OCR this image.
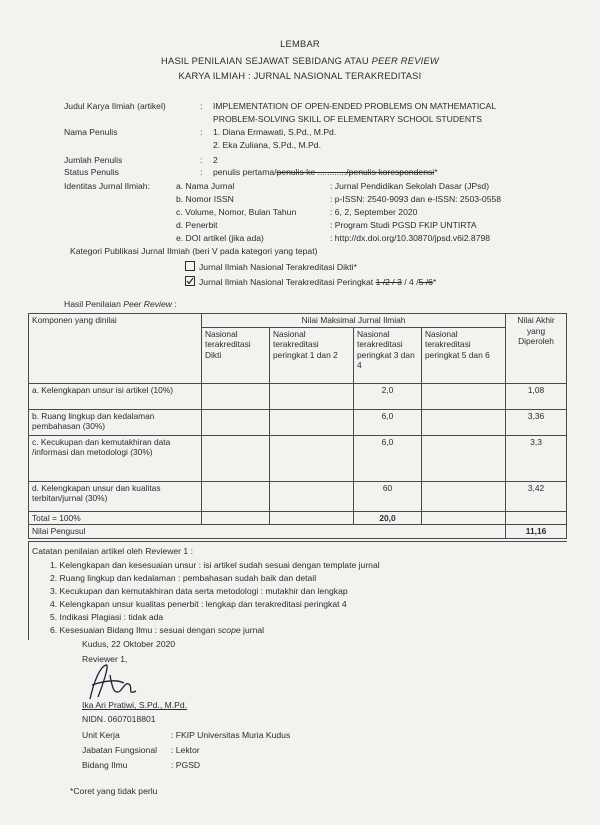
LEMBAR
HASIL PENILAIAN SEJAWAT SEBIDANG ATAU PEER REVIEW
KARYA ILMIAH : JURNAL NASIONAL TERAKREDITASI
Judul Karya Ilmiah (artikel)	: IMPLEMENTATION OF OPEN-ENDED PROBLEMS ON MATHEMATICAL
PROBLEM-SOLVING SKILL OF ELEMENTARY SCHOOL STUDENTS
Nama Penulis	: 1. Diana Ermawati, S.Pd., M.Pd.
2. Eka Zuliana, S.Pd., M.Pd.
Jumlah Penulis	: 2
Status Penulis	: penulis pertama/penulis ke ............/penulis korespondensi*
Identitas Jurnal Ilmiah:	a. Nama Jurnal	: Jurnal Pendidikan Sekolah Dasar (JPsd)
b. Nomor ISSN	: p-ISSN: 2540-9093 dan e-ISSN: 2503-0558
c. Volume, Nomor, Bulan Tahun	: 6, 2, September 2020
d. Penerbit	: Program Studi PGSD FKIP UNTIRTA
e. DOI artikel (jika ada)	: http://dx.doi.org/10.30870/jpsd.v6i2.8798
Kategori Publikasi Jurnal Ilmiah (beri V pada kategori yang tepat)
Jurnal Ilmiah Nasional Terakreditasi Dikti*
Jurnal Ilmiah Nasional Terakreditasi Peringkat 1 /2 / 3 / 4 /5 /6*
Hasil Penilaian Peer Review :
Komponen yang dinilai	Nilai Maksimal Jurnal Ilmiah				Nilai Akhir yang Diperoleh
	Nasional terakreditasi Dikti	Nasional terakreditasi peringkat 1 dan 2	Nasional terakreditasi peringkat 3 dan 4	Nasional terakreditasi peringkat 5 dan 6	
a. Kelengkapan unsur isi artikel (10%)			2,0		1,08
b. Ruang lingkup dan kedalaman pembahasan (30%)			6,0		3,36
c. Kecukupan dan kemutakhiran data /informasi dan metodologi (30%)			6,0		3,3
d. Kelengkapan unsur dan kualitas terbitan/jurnal (30%)			60		3,42
Total = 100%			20,0		
Nilai Pengusul					11,16
Catatan penilaian artikel oleh Reviewer 1 :
1. Kelengkapan dan kesesuaian unsur : isi artikel sudah sesuai dengan template jurnal
2. Ruang lingkup dan kedalaman : pembahasan sudah baik dan detail
3. Kecukupan dan kemutakhiran data serta metodologi : mutakhir dan lengkap
4. Kelengkapan unsur kualitas penerbit : lengkap dan terakreditasi peringkat 4
5. Indikasi Plagiasi : tidak ada
6. Kesesuaian Bidang Ilmu : sesuai dengan scope jurnal
Kudus, 22 Oktober 2020
Reviewer 1,
Ika Ari Pratiwi, S.Pd., M.Pd.
NIDN. 0607018801
Unit Kerja	: FKIP Universitas Muria Kudus
Jabatan Fungsional : Lektor
Bidang Ilmu	: PGSD
*Coret yang tidak perlu
